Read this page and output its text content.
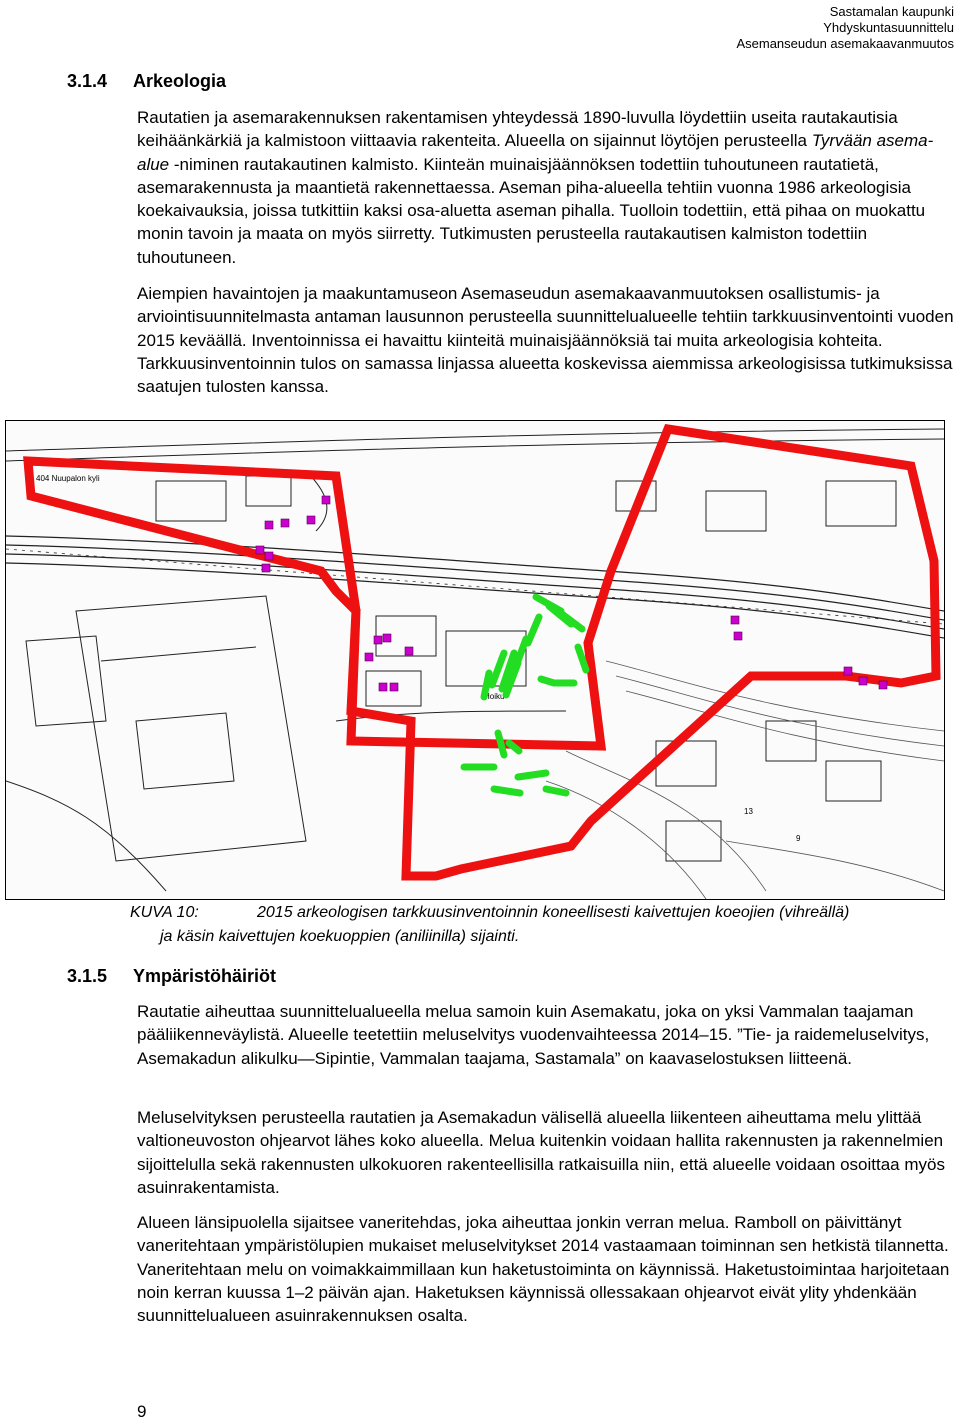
Sastamalan kaupunki
Yhdyskuntasuunnittelu
Asemanseudun asemakaavanmuutos
3.1.4 Arkeologia
Rautatien ja asemarakennuksen rakentamisen yhteydessä 1890-luvulla löydettiin useita rautakautisia keihäänkärkiä ja kalmistoon viittaavia rakenteita. Alueella on sijainnut löytöjen perusteella Tyrvään asema-alue -niminen rautakautinen kalmisto. Kiinteän muinaisjäännöksen todettiin tuhoutuneen rautatietä, asemarakennusta ja maantietä rakennettaessa. Aseman piha-alueella tehtiin vuonna 1986 arkeologisia koekaivauksia, joissa tutkittiin kaksi osa-aluetta aseman pihalla. Tuolloin todettiin, että pihaa on muokattu monin tavoin ja maata on myös siirretty. Tutkimusten perusteella rautakautisen kalmiston todettiin tuhoutuneen.
Aiempien havaintojen ja maakuntamuseon Asemaseudun asemakaavanmuutoksen osallistumis- ja arviointisuunnitelmasta antaman lausunnon perusteella suunnittelualueelle tehtiin tarkkuusinventointi vuoden 2015 keväällä. Inventoinnissa ei havaittu kiinteitä muinaisjäännöksiä tai muita arkeologisia kohteita. Tarkkuusinventoinnin tulos on samassa linjassa alueetta koskevissa aiemmissa arkeologisissa tutkimuksissa saatujen tulosten kanssa.
404 Nuupalon kyli
Hoiku
13
9
KUVA 10:	2015 arkeologisen tarkkuusinventoinnin koneellisesti kaivettujen koeojien (vihreällä)
ja käsin kaivettujen koekuoppien (aniliinilla) sijainti.
3.1.5 Ympäristöhäiriöt
Rautatie aiheuttaa suunnittelualueella melua samoin kuin Asemakatu, joka on yksi Vammalan taajaman pääliikenneväylistä. Alueelle teetettiin meluselvitys vuodenvaihteessa 2014–15. ”Tie- ja raidemeluselvitys, Asemakadun alikulku—Sipintie, Vammalan taajama, Sastamala” on kaavaselostuksen liitteenä.
Meluselvityksen perusteella rautatien ja Asemakadun välisellä alueella liikenteen aiheuttama melu ylittää valtioneuvoston ohjearvot lähes koko alueella. Melua kuitenkin voidaan hallita rakennusten ja rakennelmien sijoittelulla sekä rakennusten ulkokuoren rakenteellisilla ratkaisuilla niin, että alueelle voidaan osoittaa myös asuinrakentamista.
Alueen länsipuolella sijaitsee vaneritehdas, joka aiheuttaa jonkin verran melua. Ramboll on päivittänyt vaneritehtaan ympäristölupien mukaiset meluselvitykset 2014 vastaamaan toiminnan sen hetkistä tilannetta. Vaneritehtaan melu on voimakkaimmillaan kun haketustoiminta on käynnissä. Haketustoimintaa harjoitetaan noin kerran kuussa 1–2 päivän ajan. Haketuksen käynnissä ollessakaan ohjearvot eivät ylity yhdenkään suunnittelualueen asuinrakennuksen osalta.
9
